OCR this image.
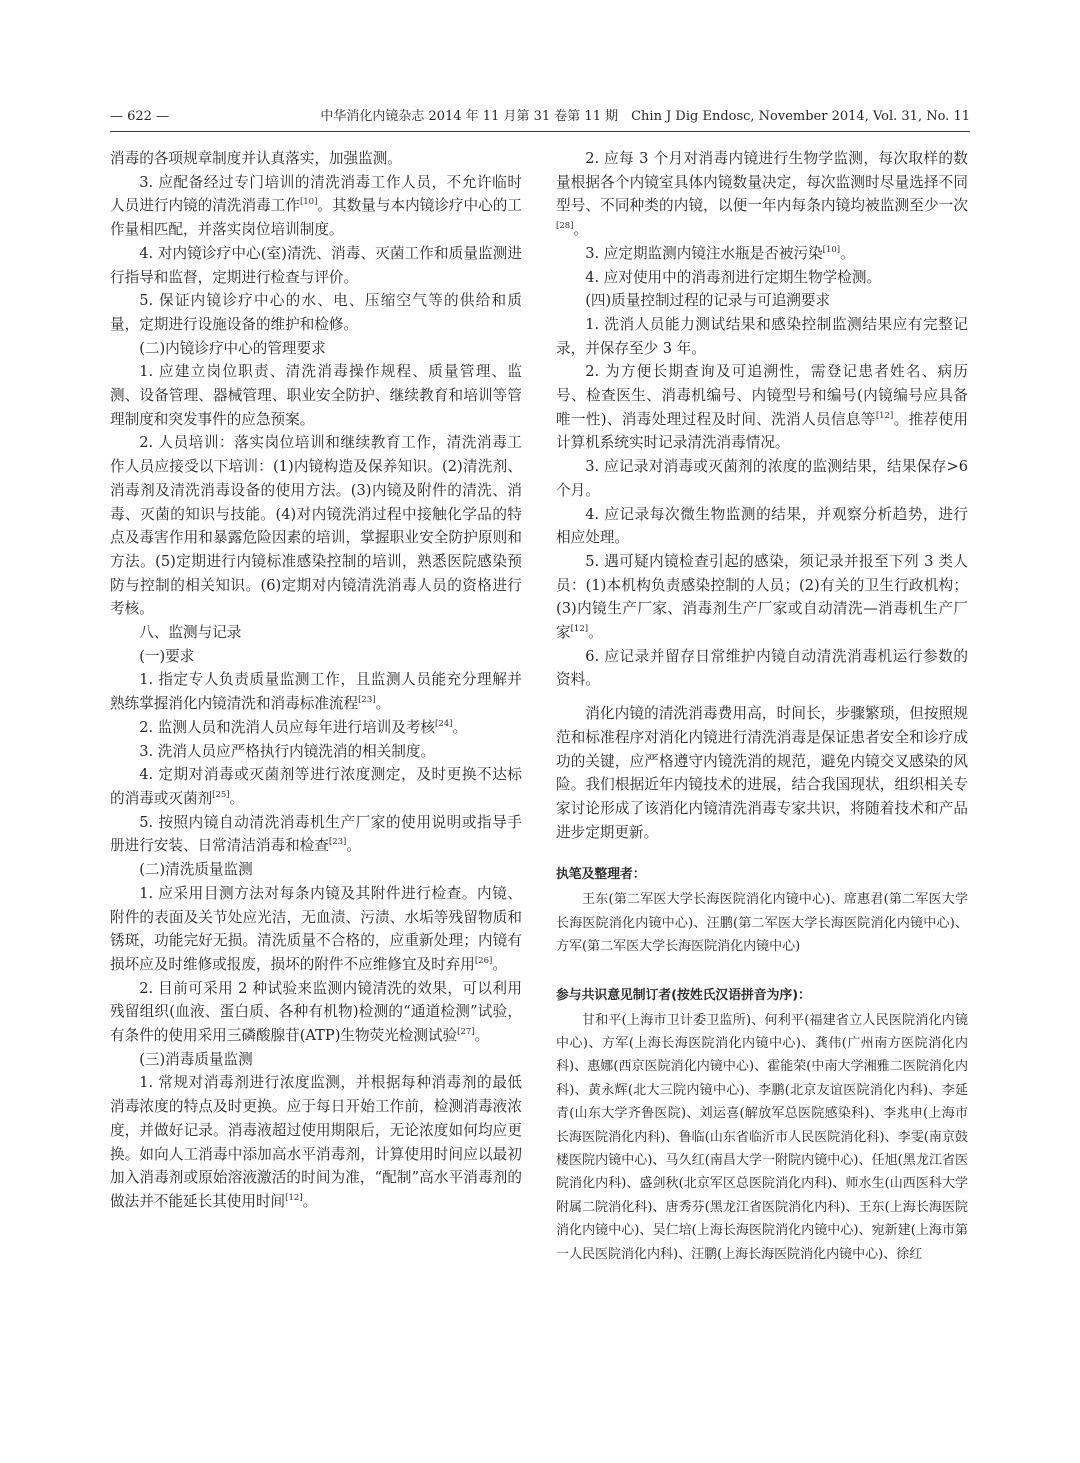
— 622 —	中华消化内镜杂志 2014 年 11 月第 31 卷第 11 期　Chin J Dig Endosc, November 2014, Vol. 31, No. 11

消毒的各项规章制度并认真落实，加强监测。

3. 应配备经过专门培训的清洗消毒工作人员，不允许临时人员进行内镜的清洗消毒工作[10]。其数量与本内镜诊疗中心的工作量相匹配，并落实岗位培训制度。

4. 对内镜诊疗中心(室)清洗、消毒、灭菌工作和质量监测进行指导和监督，定期进行检查与评价。

5. 保证内镜诊疗中心的水、电、压缩空气等的供给和质量，定期进行设施设备的维护和检修。

(二)内镜诊疗中心的管理要求

1. 应建立岗位职责、清洗消毒操作规程、质量管理、监测、设备管理、器械管理、职业安全防护、继续教育和培训等管理制度和突发事件的应急预案。

2. 人员培训：落实岗位培训和继续教育工作，清洗消毒工作人员应接受以下培训：(1)内镜构造及保养知识。(2)清洗剂、消毒剂及清洗消毒设备的使用方法。(3)内镜及附件的清洗、消毒、灭菌的知识与技能。(4)对内镜洗消过程中接触化学品的特点及毒害作用和暴露危险因素的培训，掌握职业安全防护原则和方法。(5)定期进行内镜标准感染控制的培训，熟悉医院感染预防与控制的相关知识。(6)定期对内镜清洗消毒人员的资格进行考核。

八、监测与记录
(一)要求

1. 指定专人负责质量监测工作，且监测人员能充分理解并熟练掌握消化内镜清洗和消毒标准流程[23]。

2. 监测人员和洗消人员应每年进行培训及考核[24]。

3. 洗消人员应严格执行内镜洗消的相关制度。

4. 定期对消毒或灭菌剂等进行浓度测定，及时更换不达标的消毒或灭菌剂[25]。

5. 按照内镜自动清洗消毒机生产厂家的使用说明或指导手册进行安装、日常清洁消毒和检查[23]。

(二)清洗质量监测

1. 应采用目测方法对每条内镜及其附件进行检查。内镜、附件的表面及关节处应光洁，无血渍、污渍、水垢等残留物质和锈斑，功能完好无损。清洗质量不合格的，应重新处理；内镜有损坏应及时维修或报废，损坏的附件不应维修宜及时弃用[26]。

2. 目前可采用 2 种试验来监测内镜清洗的效果，可以利用残留组织(血液、蛋白质、各种有机物)检测的“通道检测”试验，有条件的使用采用三磷酸腺苷(ATP)生物荧光检测试验[27]。

(三)消毒质量监测

1. 常规对消毒剂进行浓度监测，并根据每种消毒剂的最低消毒浓度的特点及时更换。应于每日开始工作前，检测消毒液浓度，并做好记录。消毒液超过使用期限后，无论浓度如何均应更换。如向人工消毒中添加高水平消毒剂，计算使用时间应以最初加入消毒剂或原始溶液激活的时间为准，“配制”高水平消毒剂的做法并不能延长其使用时间[12]。

2. 应每 3 个月对消毒内镜进行生物学监测，每次取样的数量根据各个内镜室具体内镜数量决定，每次监测时尽量选择不同型号、不同种类的内镜，以便一年内每条内镜均被监测至少一次[28]。

3. 应定期监测内镜注水瓶是否被污染[10]。

4. 应对使用中的消毒剂进行定期生物学检测。

(四)质量控制过程的记录与可追溯要求

1. 洗消人员能力测试结果和感染控制监测结果应有完整记录，并保存至少 3 年。

2. 为方便长期查询及可追溯性，需登记患者姓名、病历号、检查医生、消毒机编号、内镜型号和编号(内镜编号应具备唯一性)、消毒处理过程及时间、洗消人员信息等[12]。推荐使用计算机系统实时记录清洗消毒情况。

3. 应记录对消毒或灭菌剂的浓度的监测结果，结果保存>6 个月。

4. 应记录每次微生物监测的结果，并观察分析趋势，进行相应处理。

5. 遇可疑内镜检查引起的感染，须记录并报至下列 3 类人员：(1)本机构负责感染控制的人员；(2)有关的卫生行政机构；(3)内镜生产厂家、消毒剂生产厂家或自动清洗—消毒机生产厂家[12]。

6. 应记录并留存日常维护内镜自动清洗消毒机运行参数的资料。

消化内镜的清洗消毒费用高，时间长，步骤繁琐，但按照规范和标准程序对消化内镜进行清洗消毒是保证患者安全和诊疗成功的关键，应严格遵守内镜洗消的规范，避免内镜交叉感染的风险。我们根据近年内镜技术的进展，结合我国现状，组织相关专家讨论形成了该消化内镜清洗消毒专家共识，将随着技术和产品进步定期更新。

执笔及整理者：

王东(第二军医大学长海医院消化内镜中心)、席惠君(第二军医大学长海医院消化内镜中心)、汪鹏(第二军医大学长海医院消化内镜中心)、方军(第二军医大学长海医院消化内镜中心)

参与共识意见制订者(按姓氏汉语拼音为序)：

甘和平(上海市卫计委卫监所)、何利平(福建省立人民医院消化内镜中心)、方军(上海长海医院消化内镜中心)、龚伟(广州南方医院消化内科)、惠娜(西京医院消化内镜中心)、霍能荣(中南大学湘雅二医院消化内科)、黄永辉(北大三院内镜中心)、李鹏(北京友谊医院消化内科)、李延青(山东大学齐鲁医院)、刘运喜(解放军总医院感染科)、李兆申(上海市长海医院消化内科)、鲁临(山东省临沂市人民医院消化科)、李雯(南京鼓楼医院内镜中心)、马久红(南昌大学一附院内镜中心)、任旭(黑龙江省医院消化内科)、盛剑秋(北京军区总医院消化内科)、师水生(山西医科大学附属二院消化科)、唐秀芬(黑龙江省医院消化内科)、王东(上海长海医院消化内镜中心)、吴仁培(上海长海医院消化内镜中心)、宛新建(上海市第一人民医院消化内科)、汪鹏(上海长海医院消化内镜中心)、徐红
